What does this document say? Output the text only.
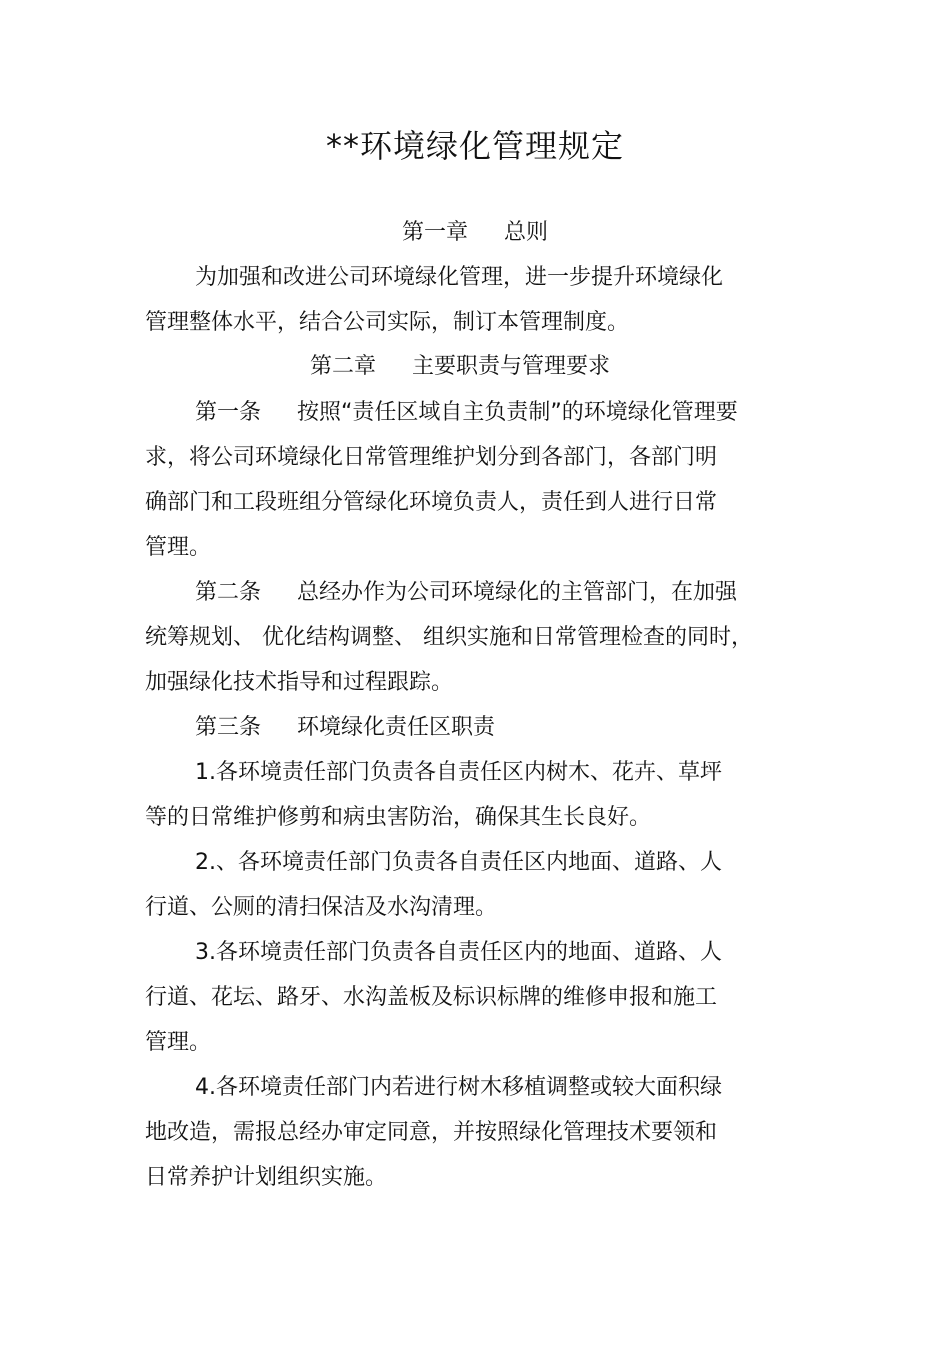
**环境绿化管理规定
第一章 总则
为加强和改进公司环境绿化管理，进一步提升环境绿化
管理整体水平，结合公司实际，制订本管理制度。
第二章 主要职责与管理要求
第一条 按照“责任区域自主负责制”的环境绿化管理要
求，将公司环境绿化日常管理维护划分到各部门，各部门明
确部门和工段班组分管绿化环境负责人，责任到人进行日常
管理。
第二条 总经办作为公司环境绿化的主管部门，在加强
统筹规划、 优化结构调整、 组织实施和日常管理检查的同时，
加强绿化技术指导和过程跟踪。
第三条 环境绿化责任区职责
1.各环境责任部门负责各自责任区内树木、花卉、草坪
等的日常维护修剪和病虫害防治，确保其生长良好。
2.、各环境责任部门负责各自责任区内地面、道路、人
行道、公厕的清扫保洁及水沟清理。
3.各环境责任部门负责各自责任区内的地面、道路、人
行道、花坛、路牙、水沟盖板及标识标牌的维修申报和施工
管理。
4.各环境责任部门内若进行树木移植调整或较大面积绿
地改造，需报总经办审定同意，并按照绿化管理技术要领和
日常养护计划组织实施。
